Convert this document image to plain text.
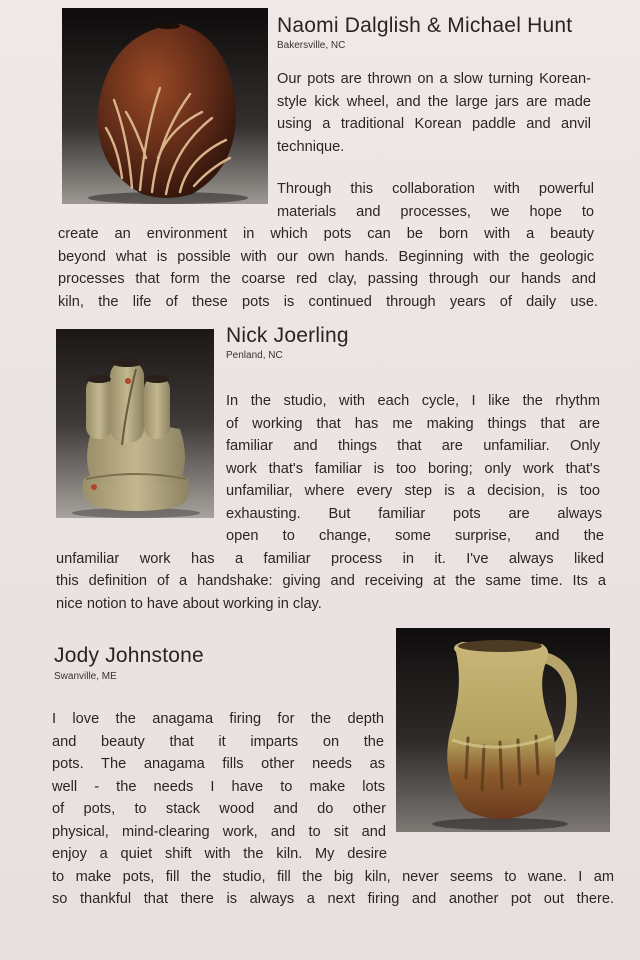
Naomi Dalglish & Michael Hunt
Bakersville, NC

Our pots are thrown on a slow turning Korean-style kick wheel, and the large jars are made using a traditional Korean paddle and anvil technique.

Through this collaboration with powerful
materials and processes, we hope to
create an environment in which pots can be born with a beauty
beyond what is possible with our own hands. Beginning with the geologic
processes that form the coarse red clay, passing through our hands and
kiln, the life of these pots is continued through years of daily use.
Nick Joerling
Penland, NC
In the studio, with each cycle, I like the rhythm
of working that has me making things that are
familiar and things that are unfamiliar. Only
work that's familiar is too boring; only work that's
unfamiliar, where every step is a decision, is too
exhausting. But familiar pots are always
open to change, some surprise, and the
unfamiliar work has a familiar process in it. I've always liked
this definition of a handshake: giving and receiving at the same time. Its a
nice notion to have about working in clay.
Jody Johnstone
Swanville, ME
I love the anagama firing for the depth
and beauty that it imparts on the
pots. The anagama fills other needs as
well - the needs I have to make lots
of pots, to stack wood and do other
physical, mind-clearing work, and to sit and
enjoy a quiet shift with the kiln. My desire
to make pots, fill the studio, fill the big kiln, never seems to wane. I am
so thankful that there is always a next firing and another pot out there.
